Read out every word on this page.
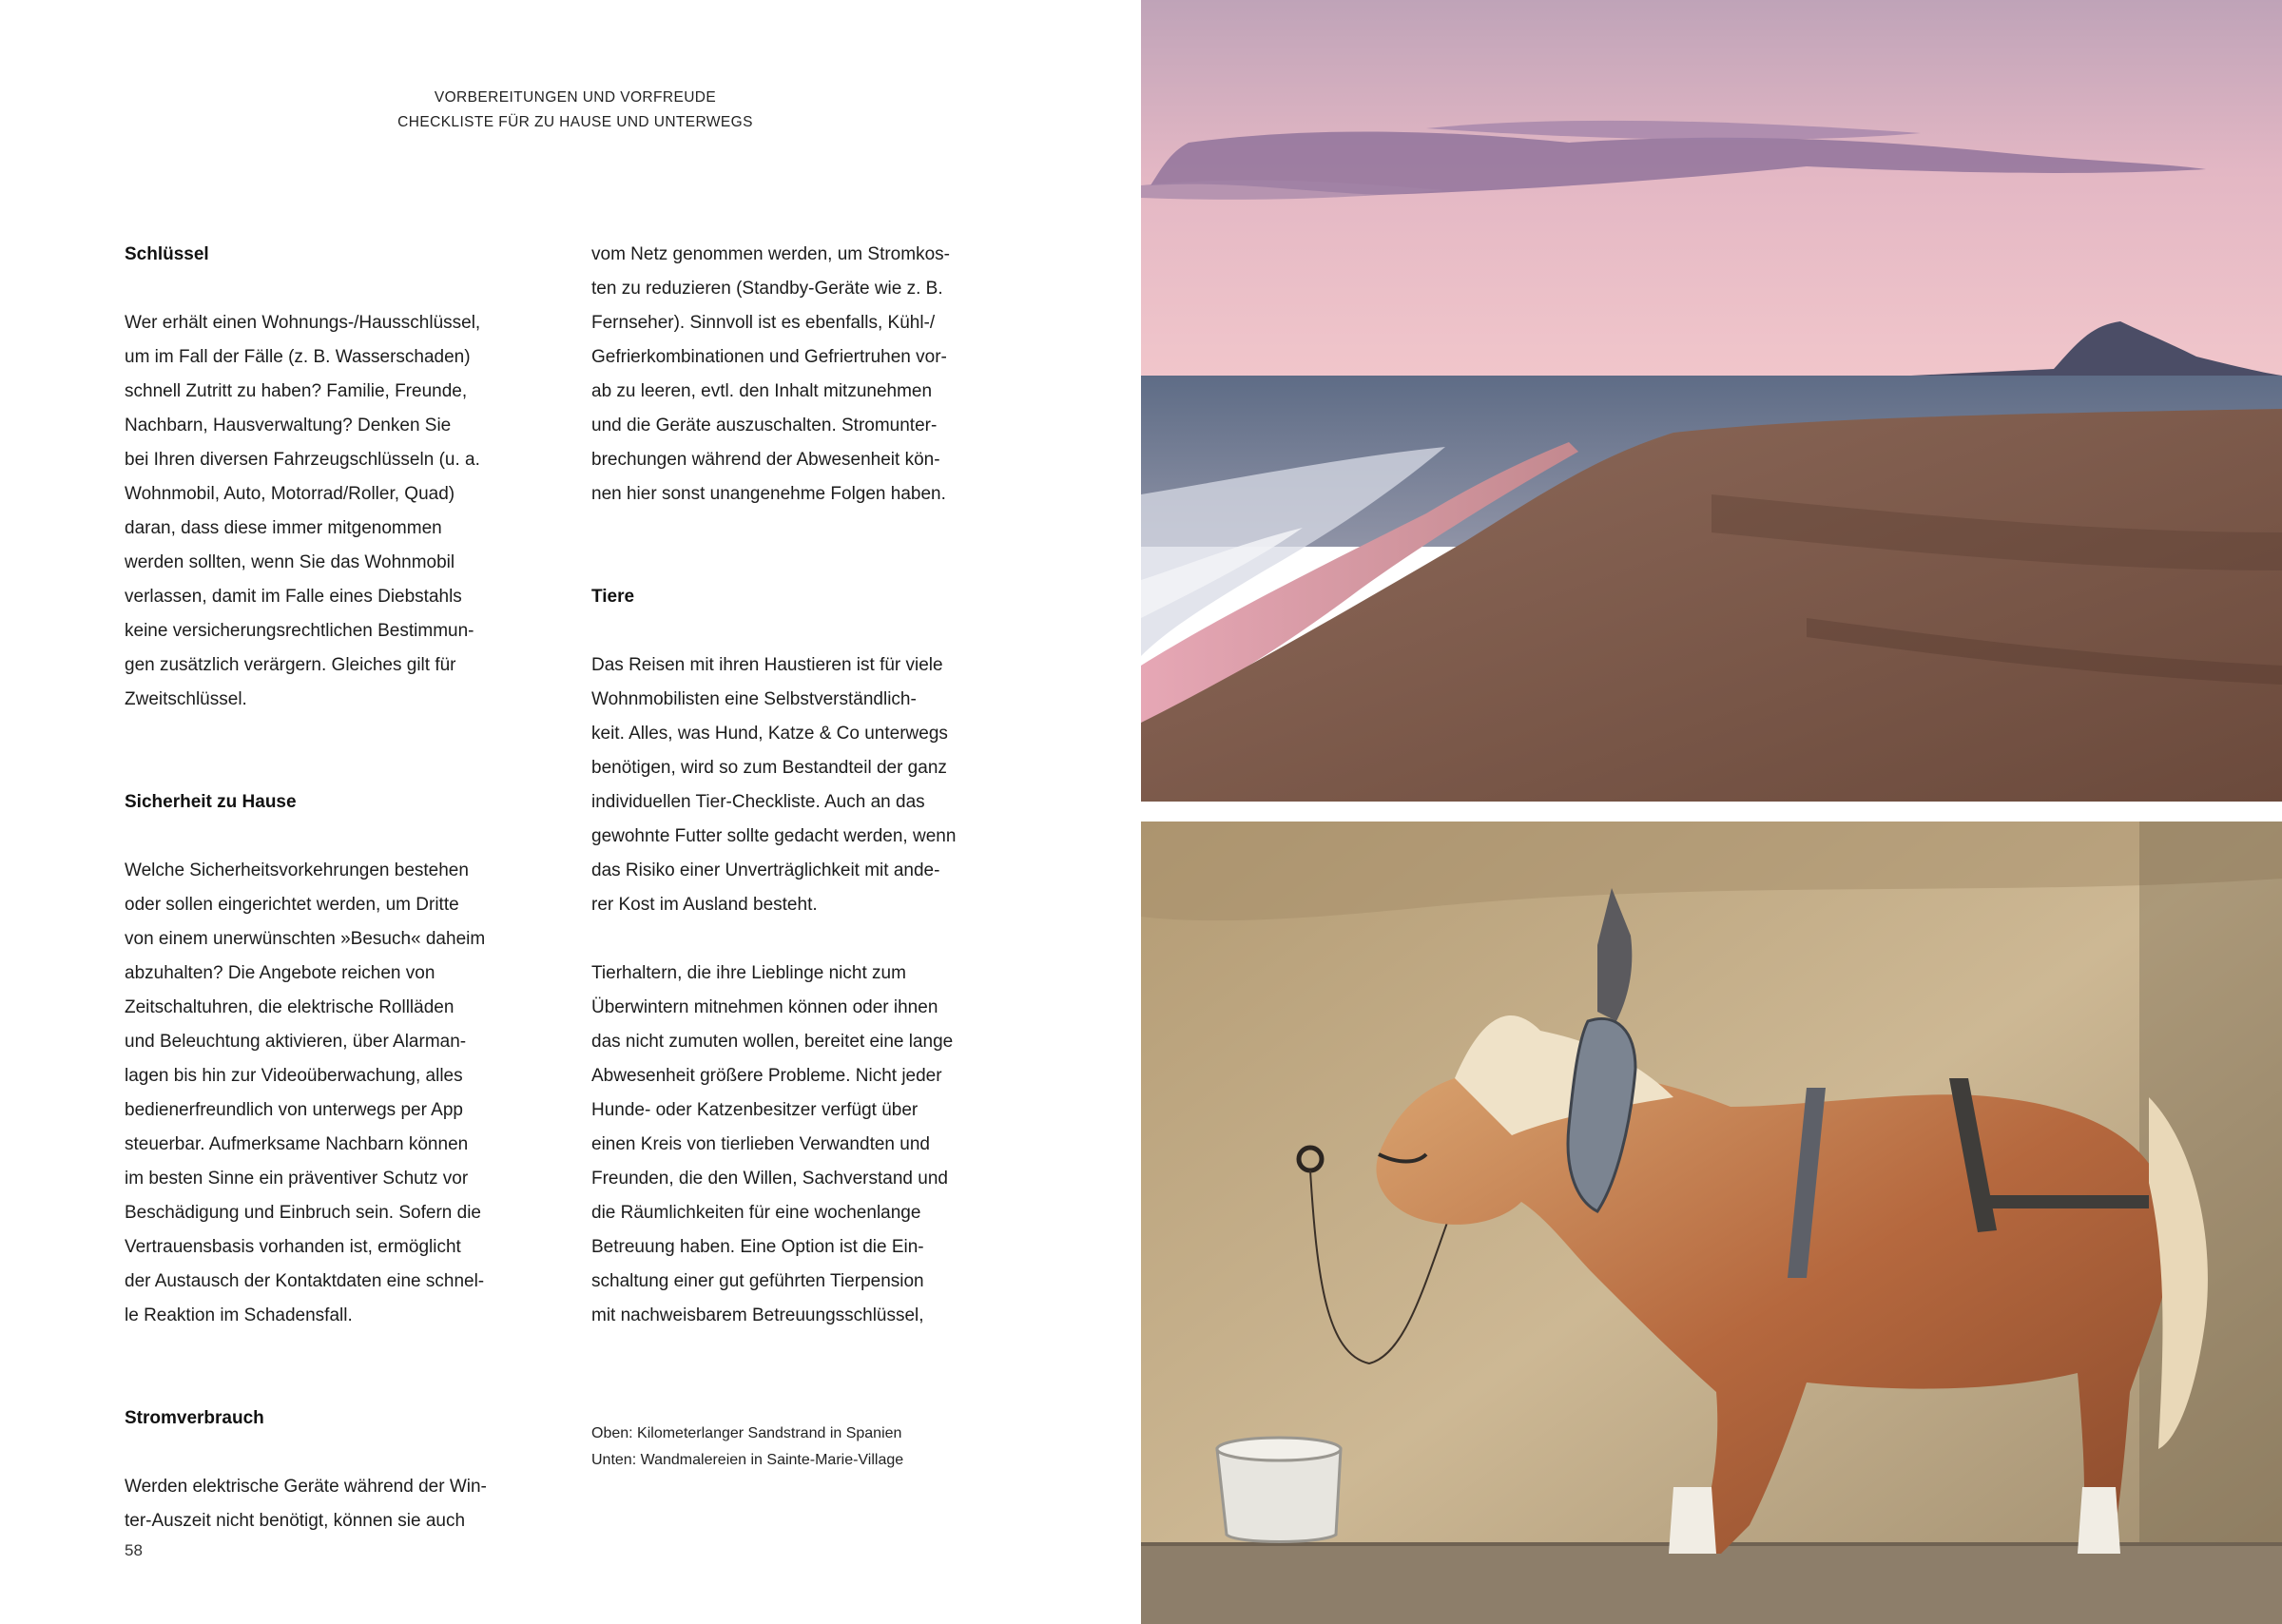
VORBEREITUNGEN UND VORFREUDE
CHECKLISTE FÜR ZU HAUSE UND UNTERWEGS
Schlüssel
Wer erhält einen Wohnungs-/Hausschlüssel,
um im Fall der Fälle (z. B. Wasserschaden)
schnell Zutritt zu haben? Familie, Freunde,
Nachbarn, Hausverwaltung? Denken Sie
bei Ihren diversen Fahrzeugschlüsseln (u. a.
Wohnmobil, Auto, Motorrad/Roller, Quad)
daran, dass diese immer mitgenommen
werden sollten, wenn Sie das Wohnmobil
verlassen, damit im Falle eines Diebstahls
keine versicherungsrechtlichen Bestimmun-
gen zusätzlich verärgern. Gleiches gilt für
Zweitschlüssel.
Sicherheit zu Hause
Welche Sicherheitsvorkehrungen bestehen
oder sollen eingerichtet werden, um Dritte
von einem unerwünschten »Besuch« daheim
abzuhalten? Die Angebote reichen von
Zeitschaltuhren, die elektrische Rollläden
und Beleuchtung aktivieren, über Alarman-
lagen bis hin zur Videoüberwachung, alles
bedienerfreundlich von unterwegs per App
steuerbar. Aufmerksame Nachbarn können
im besten Sinne ein präventiver Schutz vor
Beschädigung und Einbruch sein. Sofern die
Vertrauensbasis vorhanden ist, ermöglicht
der Austausch der Kontaktdaten eine schnel-
le Reaktion im Schadensfall.
Stromverbrauch
Werden elektrische Geräte während der Win-
ter-Auszeit nicht benötigt, können sie auch
vom Netz genommen werden, um Stromkos-
ten zu reduzieren (Standby-Geräte wie z. B.
Fernseher). Sinnvoll ist es ebenfalls, Kühl-/
Gefrierkombinationen und Gefriertruhen vor-
ab zu leeren, evtl. den Inhalt mitzunehmen
und die Geräte auszuschalten. Stromunter-
brechungen während der Abwesenheit kön-
nen hier sonst unangenehme Folgen haben.
Tiere
Das Reisen mit ihren Haustieren ist für viele
Wohnmobilisten eine Selbstverständlich-
keit. Alles, was Hund, Katze & Co unterwegs
benötigen, wird so zum Bestandteil der ganz
individuellen Tier-Checkliste. Auch an das
gewohnte Futter sollte gedacht werden, wenn
das Risiko einer Unverträglichkeit mit ande-
rer Kost im Ausland besteht.
Tierhaltern, die ihre Lieblinge nicht zum
Überwintern mitnehmen können oder ihnen
das nicht zumuten wollen, bereitet eine lange
Abwesenheit größere Probleme. Nicht jeder
Hunde- oder Katzenbesitzer verfügt über
einen Kreis von tierlieben Verwandten und
Freunden, die den Willen, Sachverstand und
die Räumlichkeiten für eine wochenlange
Betreuung haben. Eine Option ist die Ein-
schaltung einer gut geführten Tierpension
mit nachweisbarem Betreuungsschlüssel,
Oben: Kilometerlanger Sandstrand in Spanien
Unten: Wandmalereien in Sainte-Marie-Village
58
